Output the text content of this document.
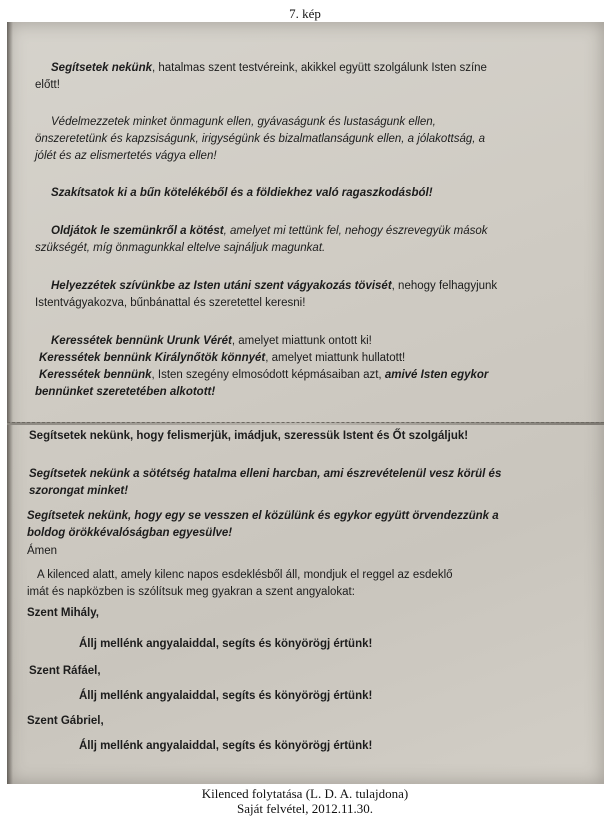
7. kép

Segítsetek nekünk, hatalmas szent testvéreink, akikkel együtt szolgálunk Isten színe

előtt!

Védelmezzetek minket önmagunk ellen, gyávaságunk és lustaságunk ellen,

önszeretetünk és kapzsiságunk, irigységünk és bizalmatlanságunk ellen, a jólakottság, a

jólét és az elismertetés vágya ellen!

Szakítsatok ki a bűn kötelékéből és a földiekhez való ragaszkodásból!

Oldjátok le szemünkről a kötést, amelyet mi tettünk fel, nehogy észrevegyük mások

szükségét, míg önmagunkkal eltelve sajnáljuk magunkat.

Helyezzétek szívünkbe az Isten utáni szent vágyakozás tövisét, nehogy felhagyjunk

Istentvágyakozva, bűnbánattal és szeretettel keresni!

Keressétek bennünk Urunk Vérét, amelyet miattunk ontott ki!

Keressétek bennünk Királynőtök könnyét, amelyet miattunk hullatott!

Keressétek bennünk, Isten szegény elmosódott képmásaiban azt, amivé Isten egykor

bennünket szeretetében alkotott!

Segítsetek nekünk, hogy felismerjük, imádjuk, szeressük Istent és Őt szolgáljuk!

Segítsetek nekünk a sötétség hatalma elleni harcban, ami észrevételenül vesz körül és

szorongat minket!

Segítsetek nekünk, hogy egy se vesszen el közülünk és egykor együtt örvendezzünk a

boldog örökkévalóságban egyesülve!

Ámen

A kilenced alatt, amely kilenc napos esdeklésből áll, mondjuk el reggel az esdeklő

imát és napközben is szólítsuk meg gyakran a szent angyalokat:

Szent Mihály,

Állj mellénk angyalaiddal, segíts és könyörögj értünk!

Szent Ráfáel,

Állj mellénk angyalaiddal, segíts és könyörögj értünk!

Szent Gábriel,

Állj mellénk angyalaiddal, segíts és könyörögj értünk!

Kilenced folytatása (L. D. A. tulajdona)
Saját felvétel, 2012.11.30.
